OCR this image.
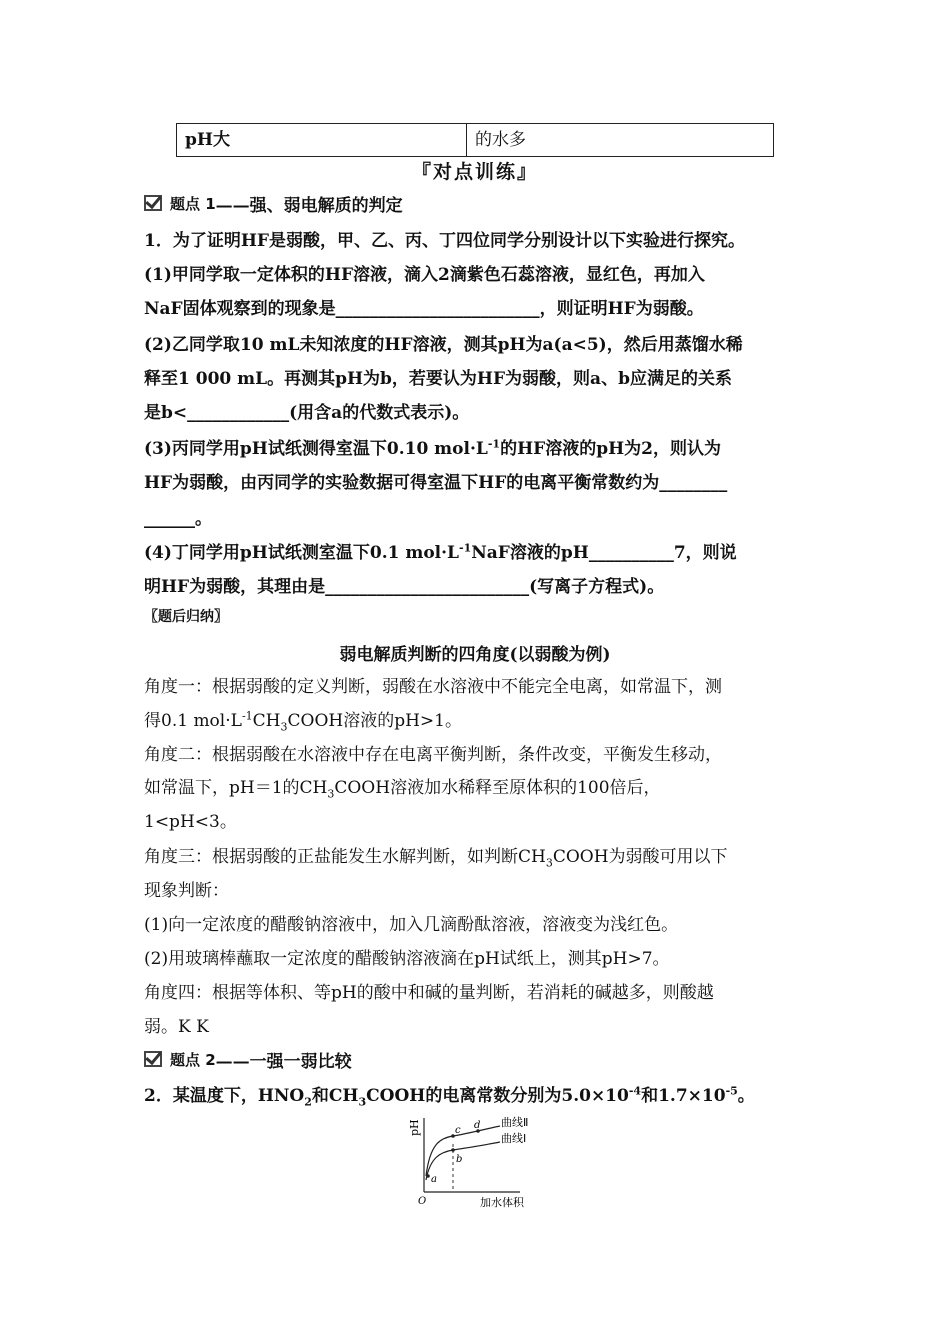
pH大	的水多
『对点训练』
题点 1 ——强、弱电解质的判定
1．为了证明HF是弱酸，甲、乙、丙、丁四位同学分别设计以下实验进行探究。
(1)甲同学取一定体积的HF溶液，滴入2滴紫色石蕊溶液，显红色，再加入
NaF固体观察到的现象是________________________，则证明HF为弱酸。
(2)乙同学取10 mL未知浓度的HF溶液，测其pH为a(a<5)，然后用蒸馏水稀
释至1 000 mL。再测其pH为b，若要认为HF为弱酸，则a、b应满足的关系
是b<____________(用含a的代数式表示)。
(3)丙同学用pH试纸测得室温下0.10 $mol\cdot L^{-1}$的HF溶液的pH为2，则认为
HF为弱酸，由丙同学的实验数据可得室温下HF的电离平衡常数约为________
______。
(4)丁同学用pH试纸测室温下0.1 $mol\cdot L^{-1}NaF$溶液的pH__________7，则说
明HF为弱酸，其理由是________________________(写离子方程式)。
〖题后归纳〗
弱电解质判断的四角度(以弱酸为例)
角度一：根据弱酸的定义判断，弱酸在水溶液中不能完全电离，如常温下，测
得0.1 $mol\cdot L^{-1}CH_3COOH$溶液的pH>1。
角度二：根据弱酸在水溶液中存在电离平衡判断，条件改变，平衡发生移动，
如常温下，pH＝1的$CH_3COOH$溶液加水稀释至原体积的100倍后，
1<pH<3。
角度三：根据弱酸的正盐能发生水解判断，如判断$CH_3COOH$为弱酸可用以下
现象判断：
(1)向一定浓度的醋酸钠溶液中，加入几滴酚酞溶液，溶液变为浅红色。
(2)用玻璃棒蘸取一定浓度的醋酸钠溶液滴在pH试纸上，测其pH>7。
角度四：根据等体积、等pH的酸中和碱的量判断，若消耗的碱越多，则酸越
弱。K K
题点 2 ——一强一弱比较
2．某温度下，$HNO_2$和$CH_3COOH$的电离常数分别为$5.0\times 10^{-4}$和$1.7\times 10^{-5}$。
pH
加水体积
O
曲线Ⅱ
曲线Ⅰ
a
b
c d
